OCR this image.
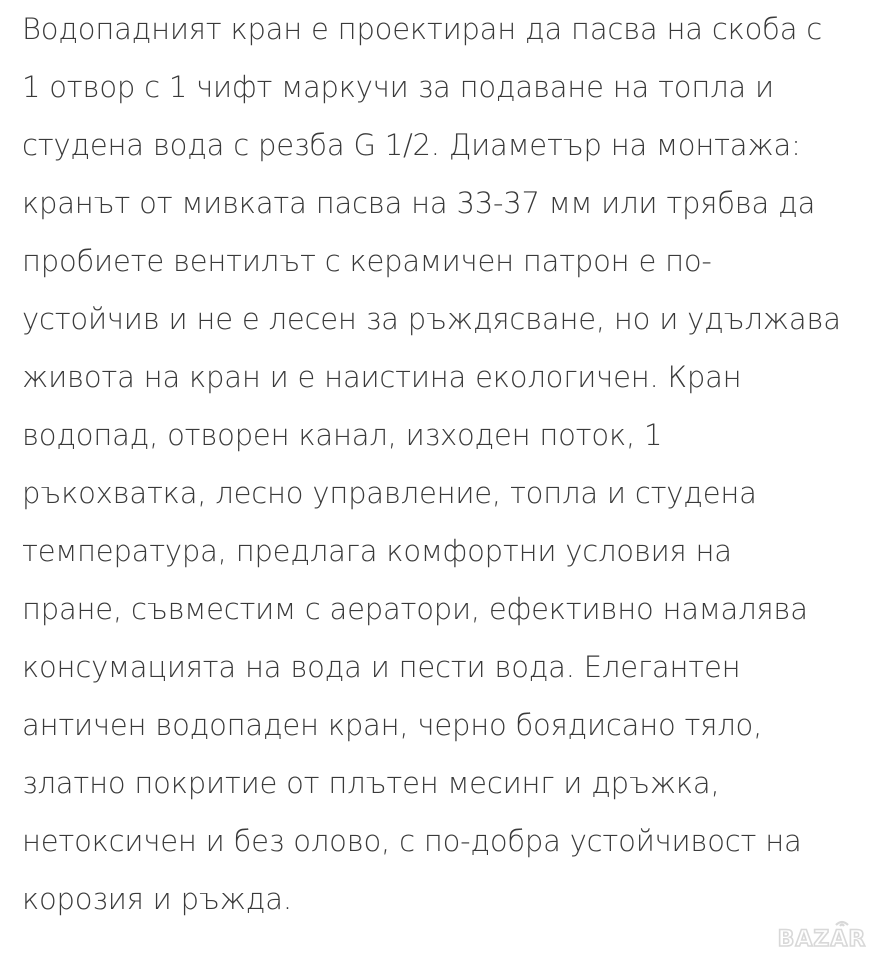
Водопадният кран е проектиран да пасва на скоба с
1 отвор с 1 чифт маркучи за подаване на топла и
студена вода с резба G 1/2. Диаметър на монтажа:
кранът от мивката пасва на 33-37 мм или трябва да
пробиете вентилът с керамичен патрон е по-
устойчив и не е лесен за ръждясване, но и удължава
живота на кран и е наистина екологичен. Кран
водопад, отворен канал, изходен поток, 1
ръкохватка, лесно управление, топла и студена
температура, предлага комфортни условия на
пране, съвместим с аератори, ефективно намалява
консумацията на вода и пести вода. Елегантен
античен водопаден кран, черно боядисано тяло,
златно покритие от плътен месинг и дръжка,
нетоксичен и без олово, с по-добра устойчивост на
корозия и ръжда.
BAZAR
